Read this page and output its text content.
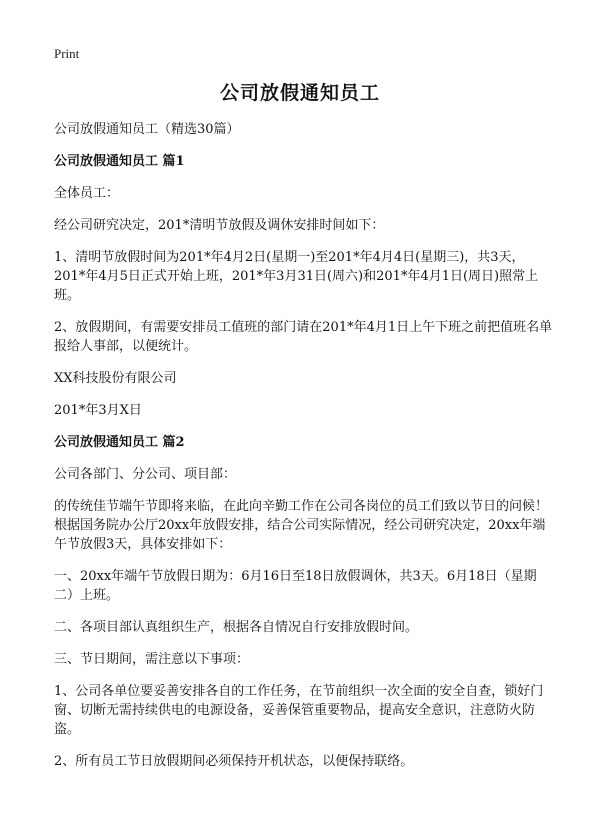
Print
公司放假通知员工
公司放假通知员工（精选30篇）
公司放假通知员工 篇1
全体员工：
经公司研究决定，201*清明节放假及调休安排时间如下：
1、清明节放假时间为201*年4月2日(星期一)至201*年4月4日(星期三)，共3天，201*年4月5日正式开始上班，201*年3月31日(周六)和201*年4月1日(周日)照常上班。
2、放假期间，有需要安排员工值班的部门请在201*年4月1日上午下班之前把值班名单报给人事部，以便统计。
XX科技股份有限公司
201*年3月X日
公司放假通知员工 篇2
公司各部门、分公司、项目部：
的传统佳节端午节即将来临，在此向辛勤工作在公司各岗位的员工们致以节日的问候！根据国务院办公厅20xx年放假安排，结合公司实际情况，经公司研究决定，20xx年端午节放假3天，具体安排如下：
一、20xx年端午节放假日期为：6月16日至18日放假调休，共3天。6月18日（星期二）上班。
二、各项目部认真组织生产，根据各自情况自行安排放假时间。
三、节日期间，需注意以下事项：
1、公司各单位要妥善安排各自的工作任务，在节前组织一次全面的安全自查，锁好门窗、切断无需持续供电的电源设备，妥善保管重要物品，提高安全意识，注意防火防盗。
2、所有员工节日放假期间必须保持开机状态，以便保持联络。
